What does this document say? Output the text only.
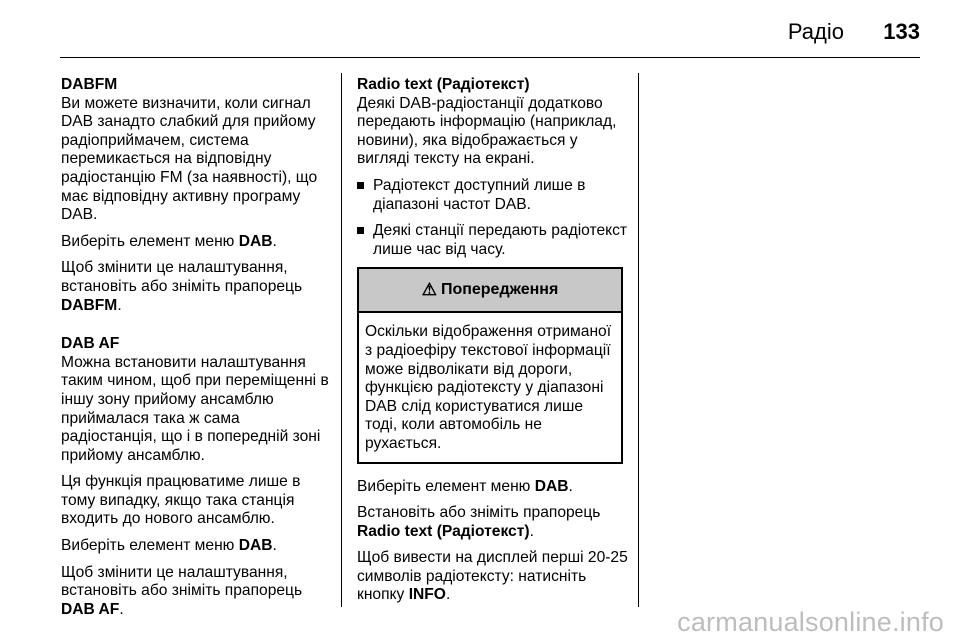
Радіо 133

DABFM

Ви можете визначити, коли сигнал DAB занадто слабкий для прийому радіоприймачем, система перемикається на відповідну радіостанцію FM (за наявності), що має відповідну активну програму DAB.

Виберіть елемент меню DAB.

Щоб змінити це налаштування, встановіть або зніміть прапорець
DABFM.

DAB AF

Можна встановити налаштування таким чином, щоб при переміщенні в іншу зону прийому ансамблю приймалася така ж сама радіостанція, що і в попередній зоні прийому ансамблю.

Ця функція працюватиме лише в тому випадку, якщо така станція входить до нового ансамблю.

Виберіть елемент меню DAB.

Щоб змінити це налаштування, встановіть або зніміть прапорець
DAB AF.

Radio text (Радіотекст)

Деякі DAB-радіостанції додатково передають інформацію (наприклад, новини), яка відображається у вигляді тексту на екрані.

Радіотекст доступний лише в діапазоні частот DAB.
Деякі станції передають радіотекст лише час від часу.
⚠ Попередження
Оскільки відображення отриманої з радіоефіру текстової інформації може відволікати від дороги, функцією радіотексту у діапазоні DAB слід користуватися лише тоді, коли автомобіль не рухається.

Виберіть елемент меню DAB.

Встановіть або зніміть прапорець
Radio text (Радіотекст).

Щоб вивести на дисплей перші 20-25 символів радіотексту: натисніть кнопку INFO.

carmanualsonline.info
